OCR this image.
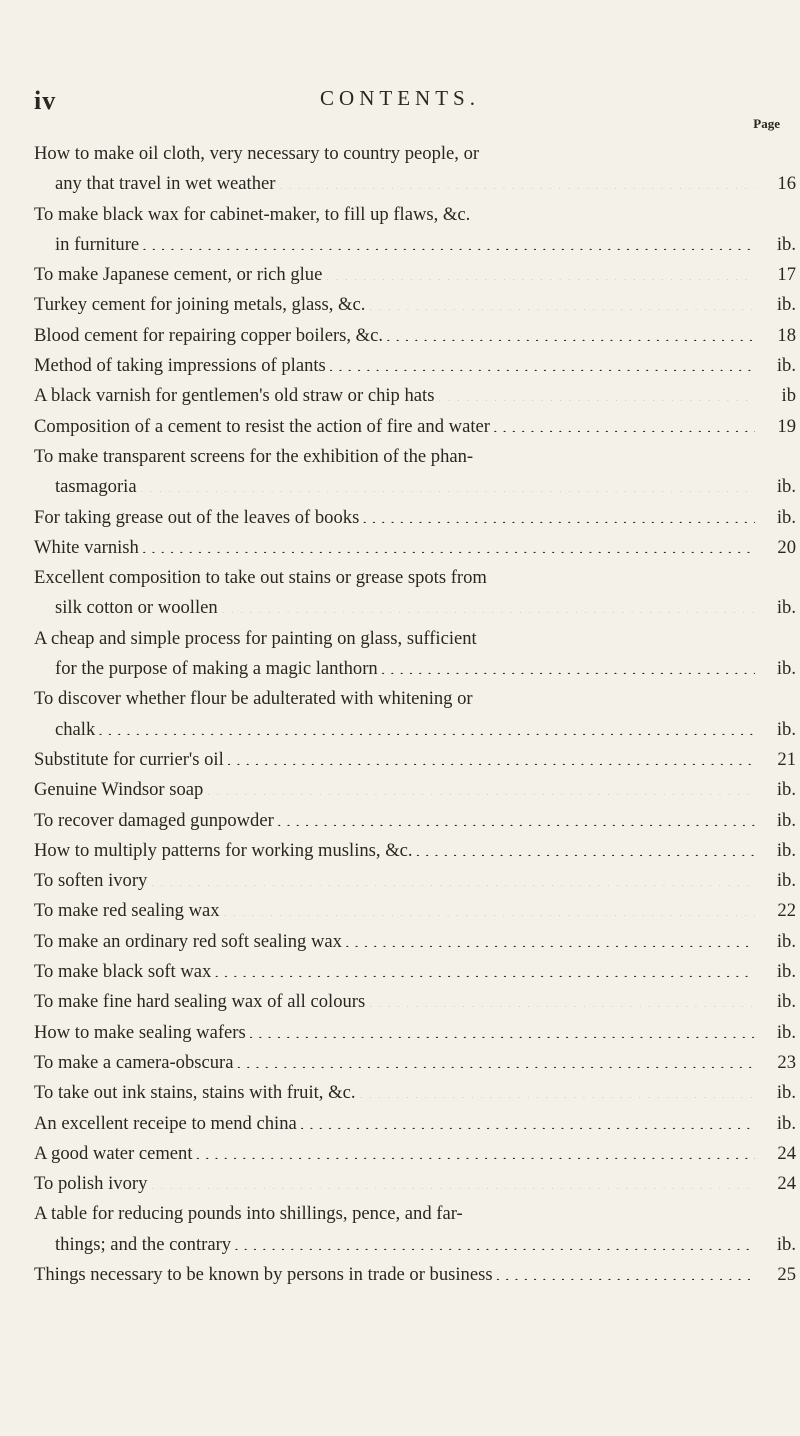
iv	CONTENTS.
Page
How to make oil cloth, very necessary to country people, or
any that travel in wet weather . . .	16
To make black wax for cabinet-maker, to fill up flaws, &c.
in furniture . . .	ib.
To make Japanese cement, or rich glue . . .	17
Turkey cement for joining metals, glass, &c. . . .	ib.
Blood cement for repairing copper boilers, &c. . . .	18
Method of taking impressions of plants . . .	ib.
A black varnish for gentlemen's old straw or chip hats . . .	ib
Composition of a cement to resist the action of fire and water . . .	19
To make transparent screens for the exhibition of the phan-
tasmagoria . . .	ib.
For taking grease out of the leaves of books . . .	ib.
White varnish . . .	20
Excellent composition to take out stains or grease spots from
silk cotton or woollen . . .	ib.
A cheap and simple process for painting on glass, sufficient
for the purpose of making a magic lanthorn . . .	ib.
To discover whether flour be adulterated with whitening or
chalk . . .	ib.
Substitute for currier's oil . . .	21
Genuine Windsor soap . . .	ib.
To recover damaged gunpowder . . .	ib.
How to multiply patterns for working muslins, &c. . . .	ib.
To soften ivory . . .	ib.
To make red sealing wax . . .	22
To make an ordinary red soft sealing wax . . .	ib.
To make black soft wax . . .	ib.
To make fine hard sealing wax of all colours . . .	ib.
How to make sealing wafers . . .	ib.
To make a camera-obscura . . .	23
To take out ink stains, stains with fruit, &c. . . .	ib.
An excellent receipe to mend china . . .	ib.
A good water cement . . .	24
To polish ivory . . .	24
A table for reducing pounds into shillings, pence, and far-
things; and the contrary . . .	ib.
Things necessary to be known by persons in trade or business . . .	25
